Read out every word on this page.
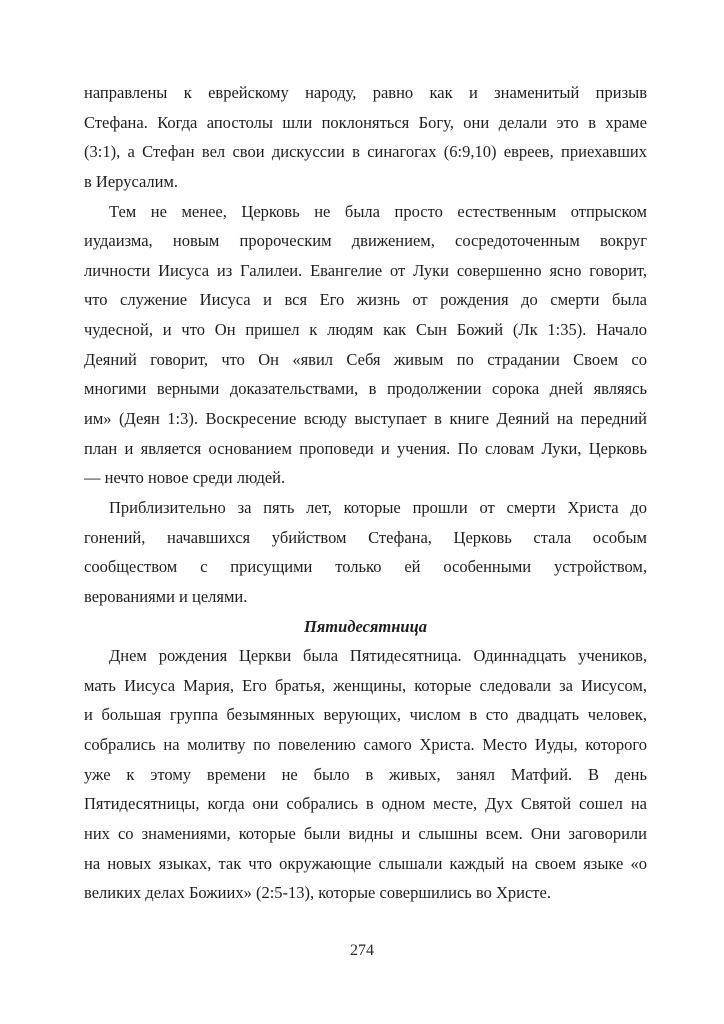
направлены к еврейскому народу, равно как и знаменитый призыв
Стефана. Когда апостолы шли поклоняться Богу, они делали это в храме
(3:1), а Стефан вел свои дискуссии в синагогах (6:9,10) евреев, приехавших
в Иерусалим.
Тем не менее, Церковь не была просто естественным отпрыском
иудаизма, новым пророческим движением, сосредоточенным вокруг
личности Иисуса из Галилеи. Евангелие от Луки совершенно ясно говорит,
что служение Иисуса и вся Его жизнь от рождения до смерти была
чудесной, и что Он пришел к людям как Сын Божий (Лк 1:35). Начало
Деяний говорит, что Он «явил Себя живым по страдании Своем со
многими верными доказательствами, в продолжении сорока дней являясь
им» (Деян 1:3). Воскресение всюду выступает в книге Деяний на передний
план и является основанием проповеди и учения. По словам Луки, Церковь
— нечто новое среди людей.
Приблизительно за пять лет, которые прошли от смерти Христа до
гонений, начавшихся убийством Стефана, Церковь стала особым
сообществом с присущими только ей особенными устройством,
верованиями и целями.
Пятидесятница
Днем рождения Церкви была Пятидесятница. Одиннадцать учеников,
мать Иисуса Мария, Его братья, женщины, которые следовали за Иисусом,
и большая группа безымянных верующих, числом в сто двадцать человек,
собрались на молитву по повелению самого Христа. Место Иуды, которого
уже к этому времени не было в живых, занял Матфий. В день
Пятидесятницы, когда они собрались в одном месте, Дух Святой сошел на
них со знамениями, которые были видны и слышны всем. Они заговорили
на новых языках, так что окружающие слышали каждый на своем языке «о
великих делах Божиих» (2:5-13), которые совершились во Христе.
274
